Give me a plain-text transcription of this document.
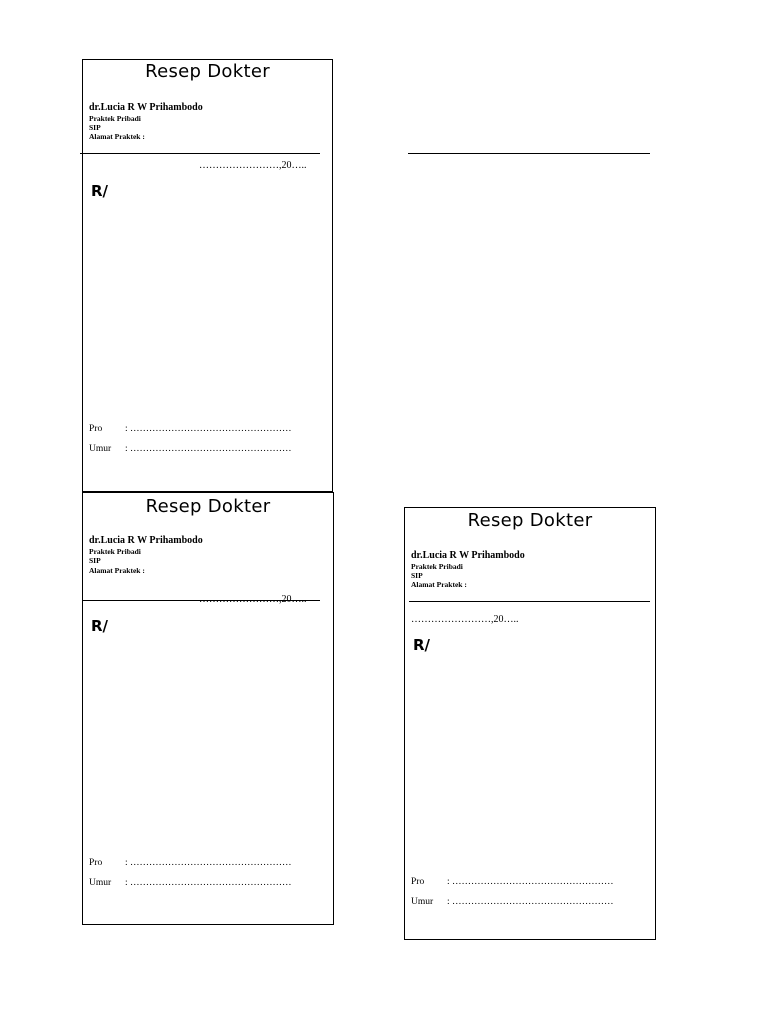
Resep Dokter
dr.Lucia R W Prihambodo
Praktek Pribadi
SIP
Alamat Praktek :
……………………,20…..
R/
Pro : ……………………………………………
Umur : ……………………………………………
Resep Dokter
dr.Lucia R W Prihambodo
Praktek Pribadi
SIP
Alamat Praktek :
……………………,20…..
R/
Pro : ……………………………………………
Umur : ……………………………………………
Resep Dokter
dr.Lucia R W Prihambodo
Praktek Pribadi
SIP
Alamat Praktek :
……………………,20…..
R/
Pro : ……………………………………………
Umur : ……………………………………………
